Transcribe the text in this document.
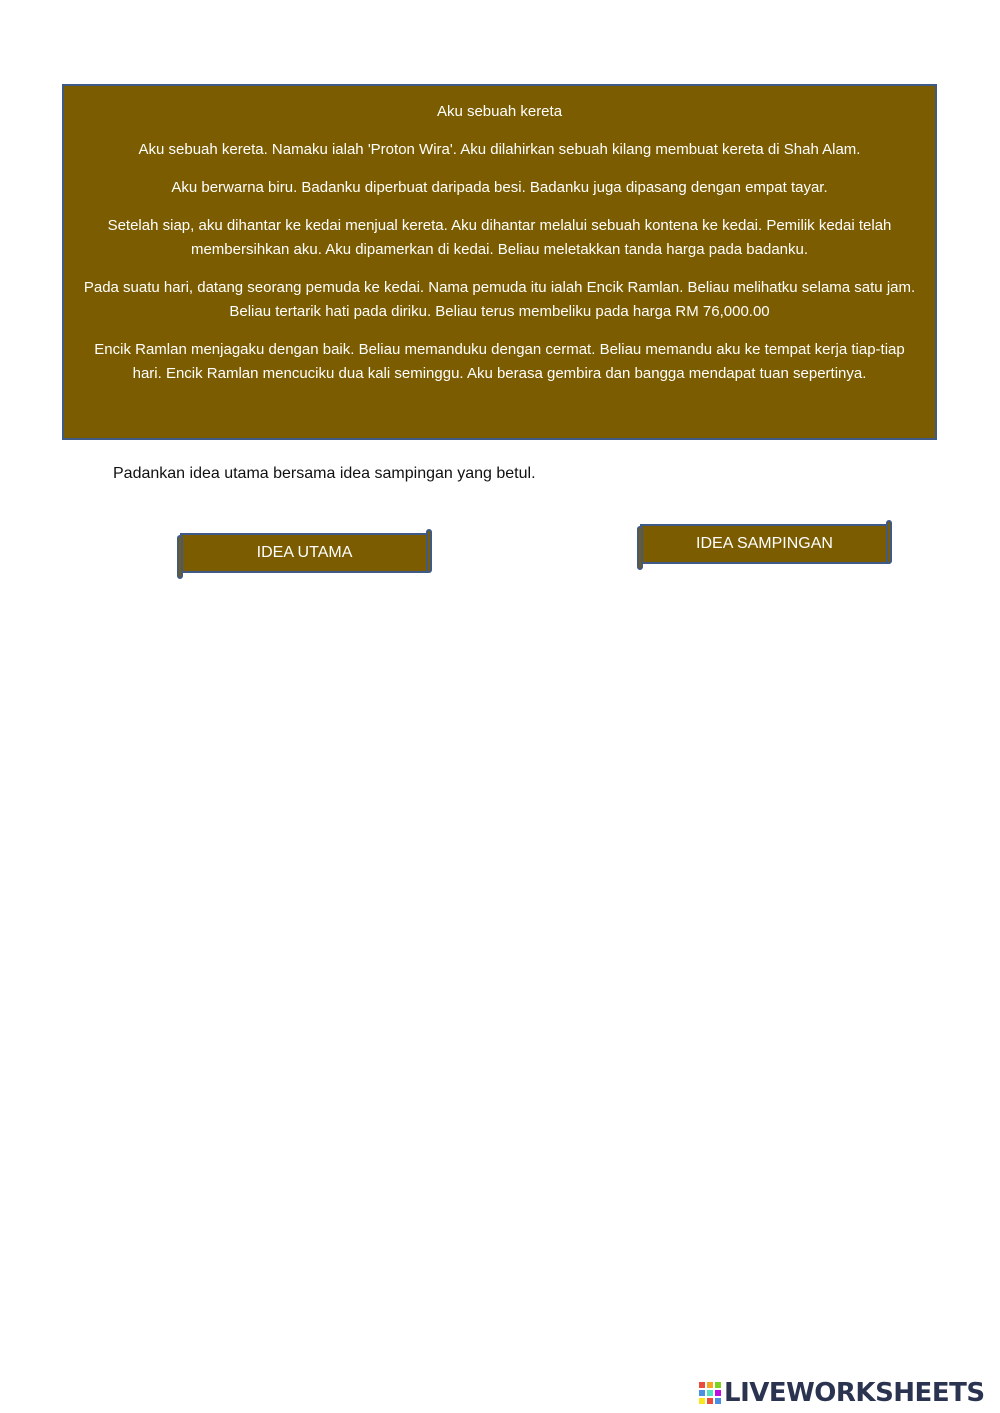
Aku sebuah kereta

Aku sebuah kereta. Namaku ialah 'Proton Wira'. Aku dilahirkan sebuah kilang membuat kereta di Shah Alam.

Aku berwarna biru. Badanku diperbuat daripada besi. Badanku juga dipasang dengan empat tayar.

Setelah siap, aku dihantar ke kedai menjual kereta. Aku dihantar melalui sebuah kontena ke kedai. Pemilik kedai telah membersihkan aku. Aku dipamerkan di kedai. Beliau meletakkan tanda harga pada badanku.

Pada suatu hari, datang seorang pemuda ke kedai. Nama pemuda itu ialah Encik Ramlan. Beliau melihatku selama satu jam. Beliau tertarik hati pada diriku. Beliau terus membeliku pada harga RM 76,000.00

Encik Ramlan menjagaku dengan baik. Beliau memanduku dengan cermat. Beliau memandu aku ke tempat kerja tiap-tiap hari. Encik Ramlan mencuciku dua kali seminggu. Aku berasa gembira dan bangga mendapat tuan sepertinya.

Padankan idea utama bersama idea sampingan yang betul.
IDEA UTAMA
IDEA SAMPINGAN
LIVEWORKSHEETS
